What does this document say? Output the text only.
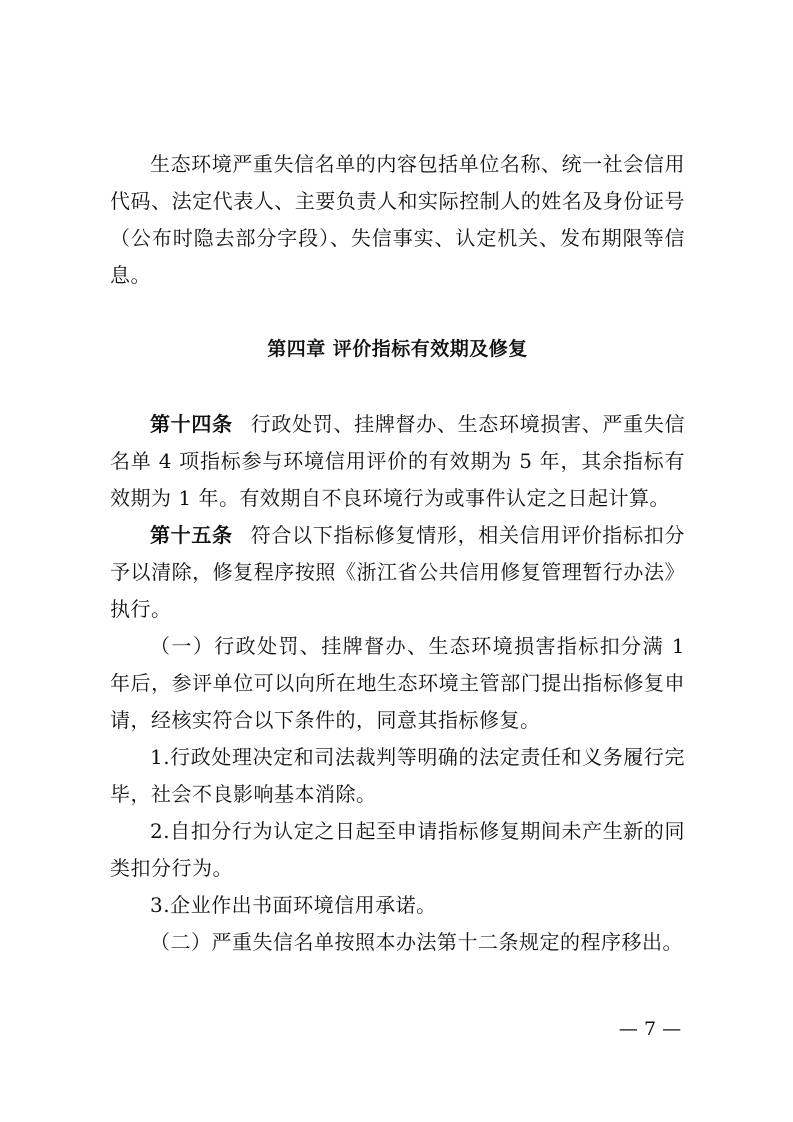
生态环境严重失信名单的内容包括单位名称、统一社会信用代码、法定代表人、主要负责人和实际控制人的姓名及身份证号（公布时隐去部分字段）、失信事实、认定机关、发布期限等信息。

第四章 评价指标有效期及修复

第十四条 行政处罚、挂牌督办、生态环境损害、严重失信名单 4 项指标参与环境信用评价的有效期为 5 年，其余指标有效期为 1 年。有效期自不良环境行为或事件认定之日起计算。

第十五条 符合以下指标修复情形，相关信用评价指标扣分予以清除，修复程序按照《浙江省公共信用修复管理暂行办法》执行。

（一）行政处罚、挂牌督办、生态环境损害指标扣分满 1 年后，参评单位可以向所在地生态环境主管部门提出指标修复申请，经核实符合以下条件的，同意其指标修复。

1.行政处理决定和司法裁判等明确的法定责任和义务履行完毕，社会不良影响基本消除。

2.自扣分行为认定之日起至申请指标修复期间未产生新的同类扣分行为。

3.企业作出书面环境信用承诺。

（二）严重失信名单按照本办法第十二条规定的程序移出。

— 7 —
